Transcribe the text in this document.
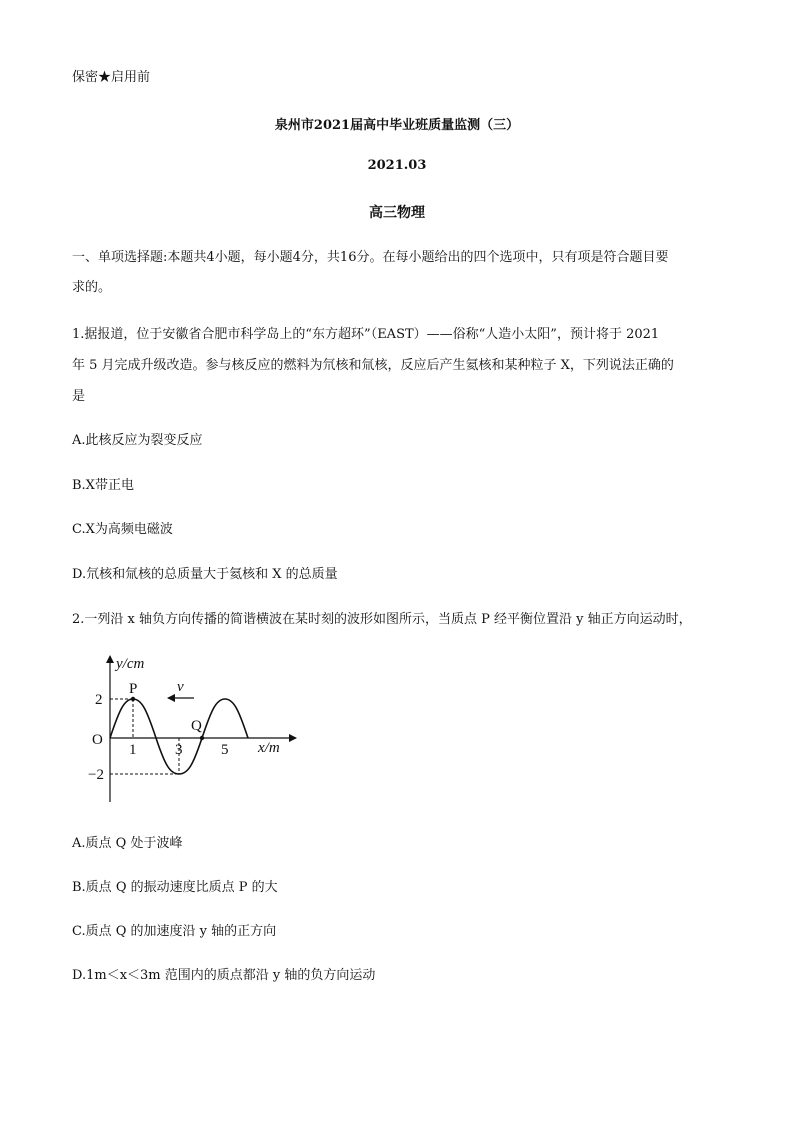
保密★启用前
泉州市2021届高中毕业班质量监测（三）
2021.03
高三物理
一、单项选择题:本题共4小题，每小题4分，共16分。在每小题给出的四个选项中，只有项是符合题目要
求的。
1.据报道，位于安徽省合肥市科学岛上的“东方超环”（EAST）——俗称“人造小太阳”，预计将于 2021
年 5 月完成升级改造。参与核反应的燃料为氘核和氚核，反应后产生氦核和某种粒子 X，下列说法正确的
是
A.此核反应为裂变反应
B.X带正电
C.X为高频电磁波
D.氘核和氚核的总质量大于氦核和 X 的总质量
2.一列沿 x 轴负方向传播的简谐横波在某时刻的波形如图所示，当质点 P 经平衡位置沿 y 轴正方向运动时，
y/cm
x/m
O
2
−2
1	3	5
P
Q
v
A.质点 Q 处于波峰
B.质点 Q 的振动速度比质点 P 的大
C.质点 Q 的加速度沿 y 轴的正方向
D.1m＜x＜3m 范围内的质点都沿 y 轴的负方向运动
